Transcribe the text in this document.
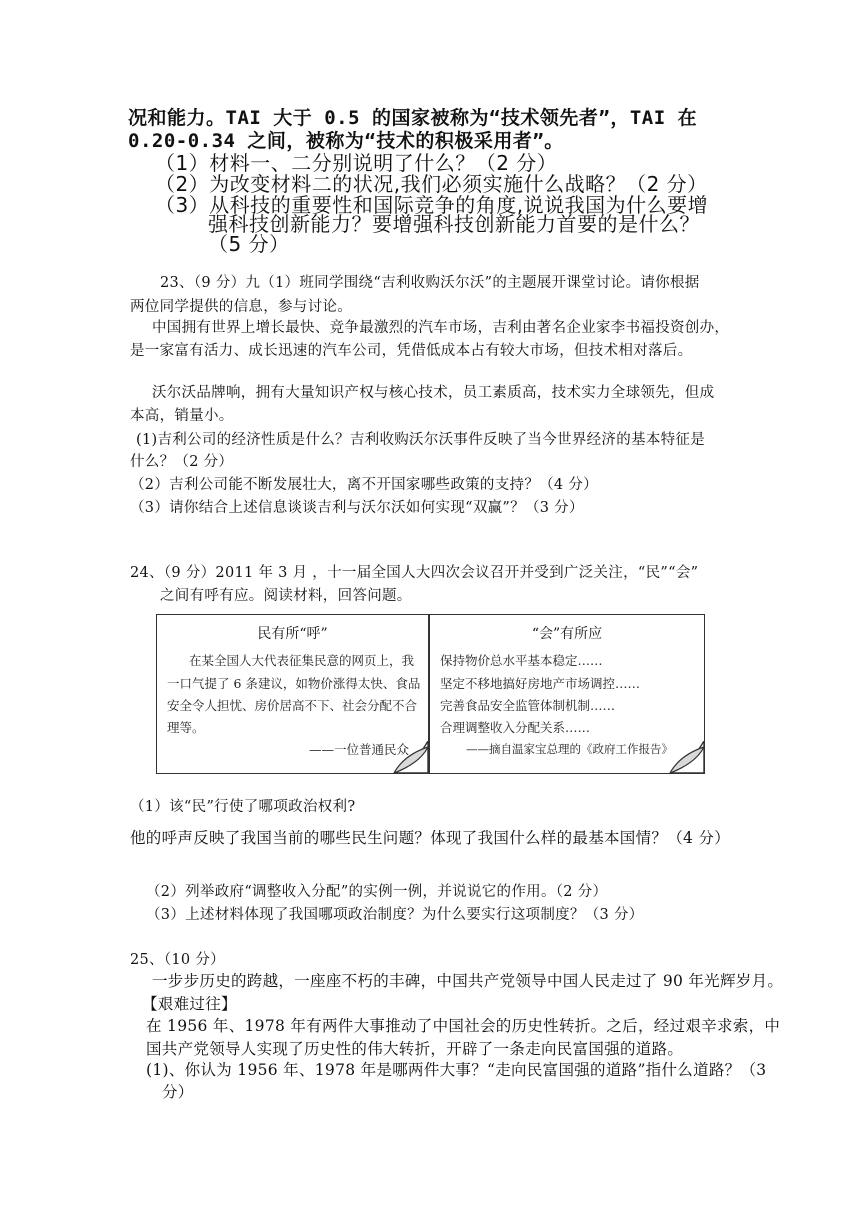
况和能力。TAI 大于 0.5 的国家被称为“技术领先者”，TAI 在
0.20-0.34 之间，被称为“技术的积极采用者”。
（1）材料一、二分别说明了什么？（2 分）
（2）为改变材料二的状况,我们必须实施什么战略？（2 分）
（3）从科技的重要性和国际竞争的角度,说说我国为什么要增
强科技创新能力？要增强科技创新能力首要的是什么？
（5 分）
23、（9 分）九（1）班同学围绕“吉利收购沃尔沃”的主题展开课堂讨论。请你根据
两位同学提供的信息，参与讨论。
中国拥有世界上增长最快、竞争最激烈的汽车市场，吉利由著名企业家李书福投资创办，
是一家富有活力、成长迅速的汽车公司，凭借低成本占有较大市场，但技术相对落后。
沃尔沃品牌响，拥有大量知识产权与核心技术，员工素质高，技术实力全球领先，但成
本高，销量小。
(1)吉利公司的经济性质是什么？吉利收购沃尔沃事件反映了当今世界经济的基本特征是
什么？（2 分）
（2）吉利公司能不断发展壮大，离不开国家哪些政策的支持？（4 分）
（3）请你结合上述信息谈谈吉利与沃尔沃如何实现“双赢”？（3 分）
24、（9 分）2011 年 3 月 ，十一届全国人大四次会议召开并受到广泛关注，“民”“会”
之间有呼有应。阅读材料，回答问题。
民有所“呼”
在某全国人大代表征集民意的网页上，我
一口气提了 6 条建议，如物价涨得太快、食品
安全令人担忧、房价居高不下、社会分配不合
理等。
——一位普通民众
“会”有所应
保持物价总水平基本稳定……
坚定不移地搞好房地产市场调控……
完善食品安全监管体制机制……
合理调整收入分配关系……
——摘自温家宝总理的《政府工作报告》
（1）该“民”行使了哪项政治权利?
他的呼声反映了我国当前的哪些民生问题？体现了我国什么样的最基本国情？（4 分）
（2）列举政府“调整收入分配”的实例一例，并说说它的作用。（2 分）
（3）上述材料体现了我国哪项政治制度？为什么要实行这项制度？（3 分）
25、（10 分）
一步步历史的跨越，一座座不朽的丰碑，中国共产党领导中国人民走过了 90 年光辉岁月。
【艰难过往】
在 1956 年、1978 年有两件大事推动了中国社会的历史性转折。之后，经过艰辛求索，中
国共产党领导人实现了历史性的伟大转折，开辟了一条走向民富国强的道路。
(1)、你认为 1956 年、1978 年是哪两件大事？“走向民富国强的道路”指什么道路？（3
分）
